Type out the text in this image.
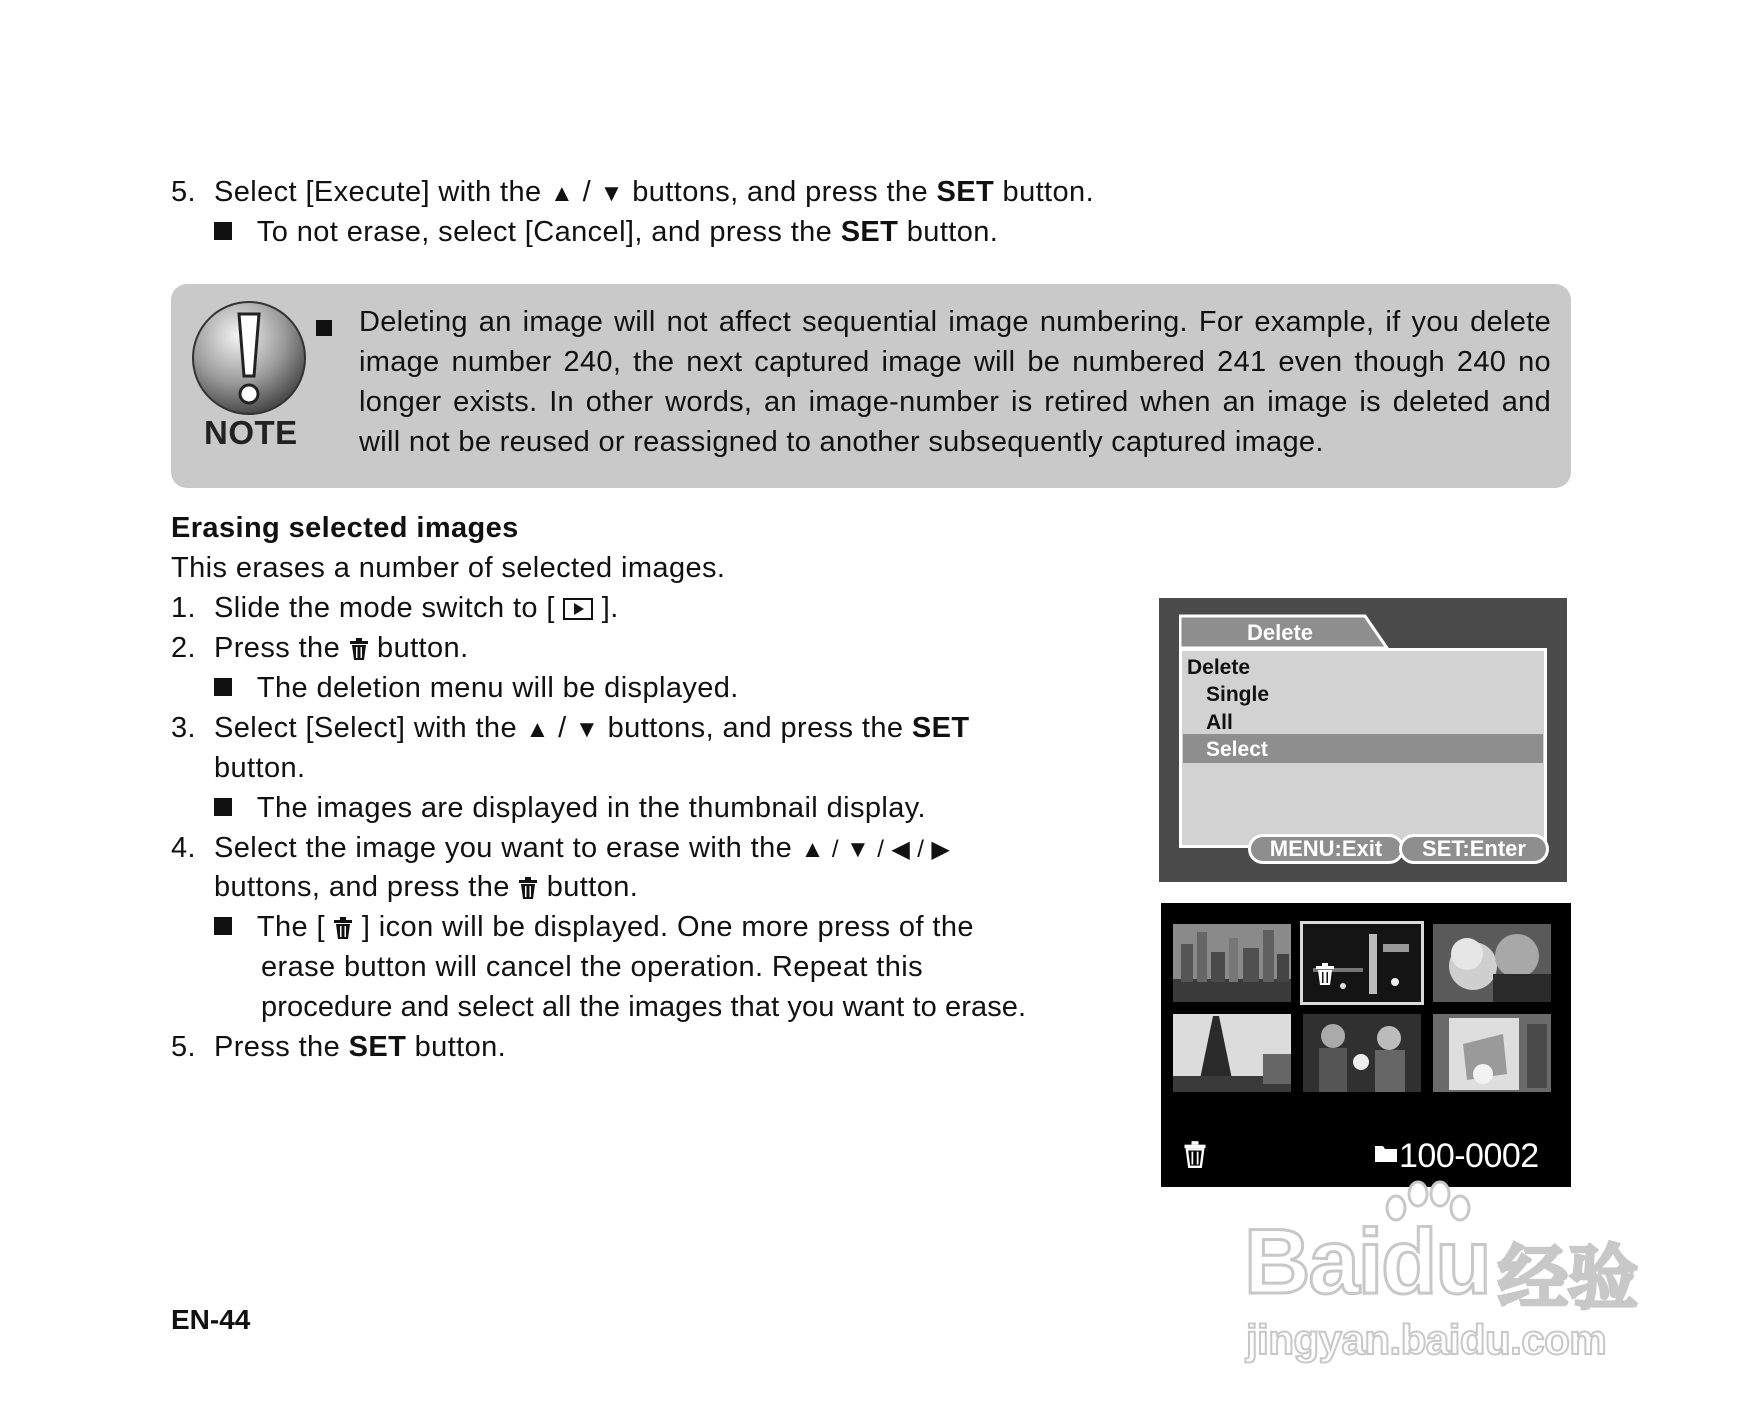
5. Select [Execute] with the ▲ / ▼ buttons, and press the SET button.
To not erase, select [Cancel], and press the SET button.
NOTE
Deleting an image will not affect sequential image numbering. For example, if you delete image number 240, the next captured image will be numbered 241 even though 240 no longer exists. In other words, an image-number is retired when an image is deleted and will not be reused or reassigned to another subsequently captured image.
Erasing selected images
This erases a number of selected images.
1. Slide the mode switch to [ ].
2. Press the button.
The deletion menu will be displayed.
3. Select [Select] with the ▲ / ▼ buttons, and press the SET
button.
The images are displayed in the thumbnail display.
4. Select the image you want to erase with the ▲ / ▼ / ◀ / ▶
buttons, and press the button.
The [ ] icon will be displayed. One more press of the
erase button will cancel the operation. Repeat this
procedure and select all the images that you want to erase.
5. Press the SET button.
Delete
Delete
Single
All
Select
MENU:Exit	SET:Enter
100-0002
EN-44
Baidu 经验
jingyan.baidu.com
